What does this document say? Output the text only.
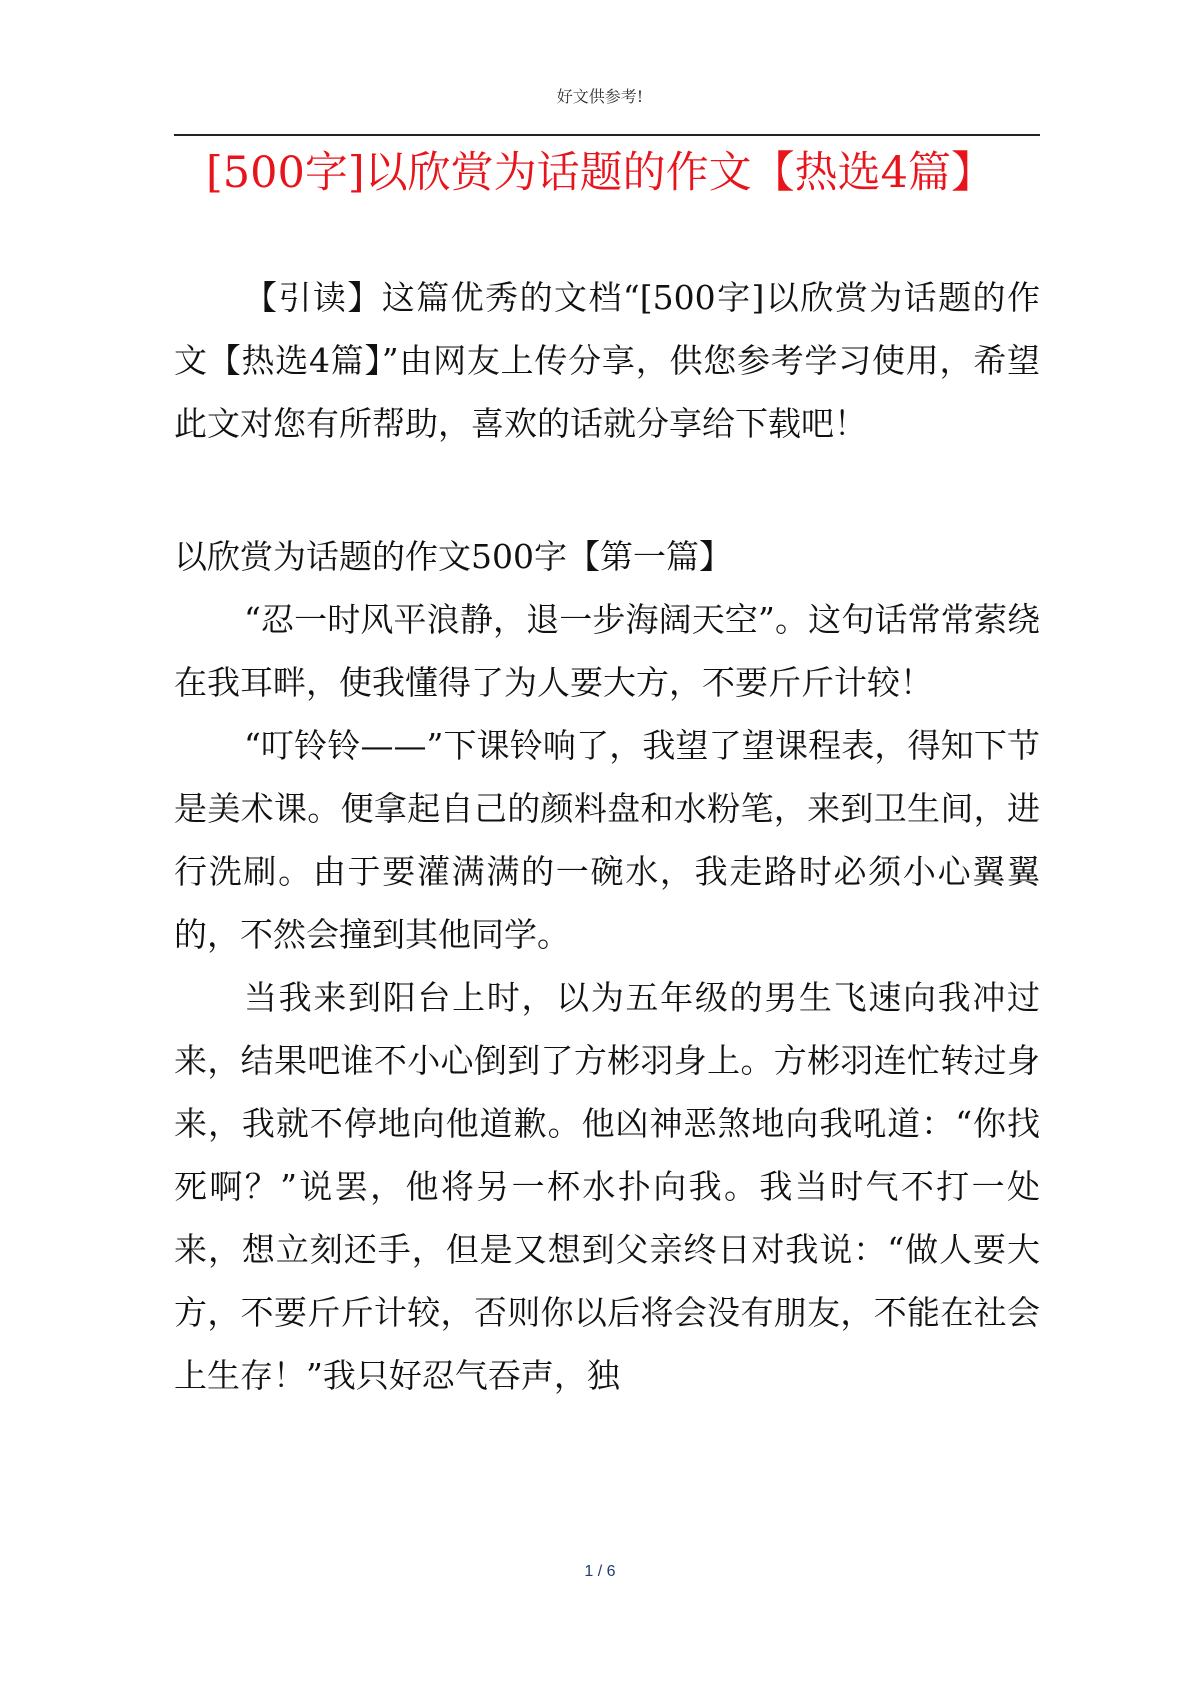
好文供参考!
[500字]以欣赏为话题的作文【热选4篇】

【引读】这篇优秀的文档“[500字]以欣赏为话题的作文【热选4篇】”由网友上传分享，供您参考学习使用，希望此文对您有所帮助，喜欢的话就分享给下载吧！

以欣赏为话题的作文500字【第一篇】

“忍一时风平浪静，退一步海阔天空”。这句话常常萦绕在我耳畔，使我懂得了为人要大方，不要斤斤计较！

“叮铃铃——”下课铃响了，我望了望课程表，得知下节是美术课。便拿起自己的颜料盘和水粉笔，来到卫生间，进行洗刷。由于要灌满满的一碗水，我走路时必须小心翼翼的，不然会撞到其他同学。

当我来到阳台上时，以为五年级的男生飞速向我冲过来，结果吧谁不小心倒到了方彬羽身上。方彬羽连忙转过身来，我就不停地向他道歉。他凶神恶煞地向我吼道：“你找死啊？”说罢，他将另一杯水扑向我。我当时气不打一处来，想立刻还手，但是又想到父亲终日对我说：“做人要大方，不要斤斤计较，否则你以后将会没有朋友，不能在社会上生存！”我只好忍气吞声，独

1 / 6
